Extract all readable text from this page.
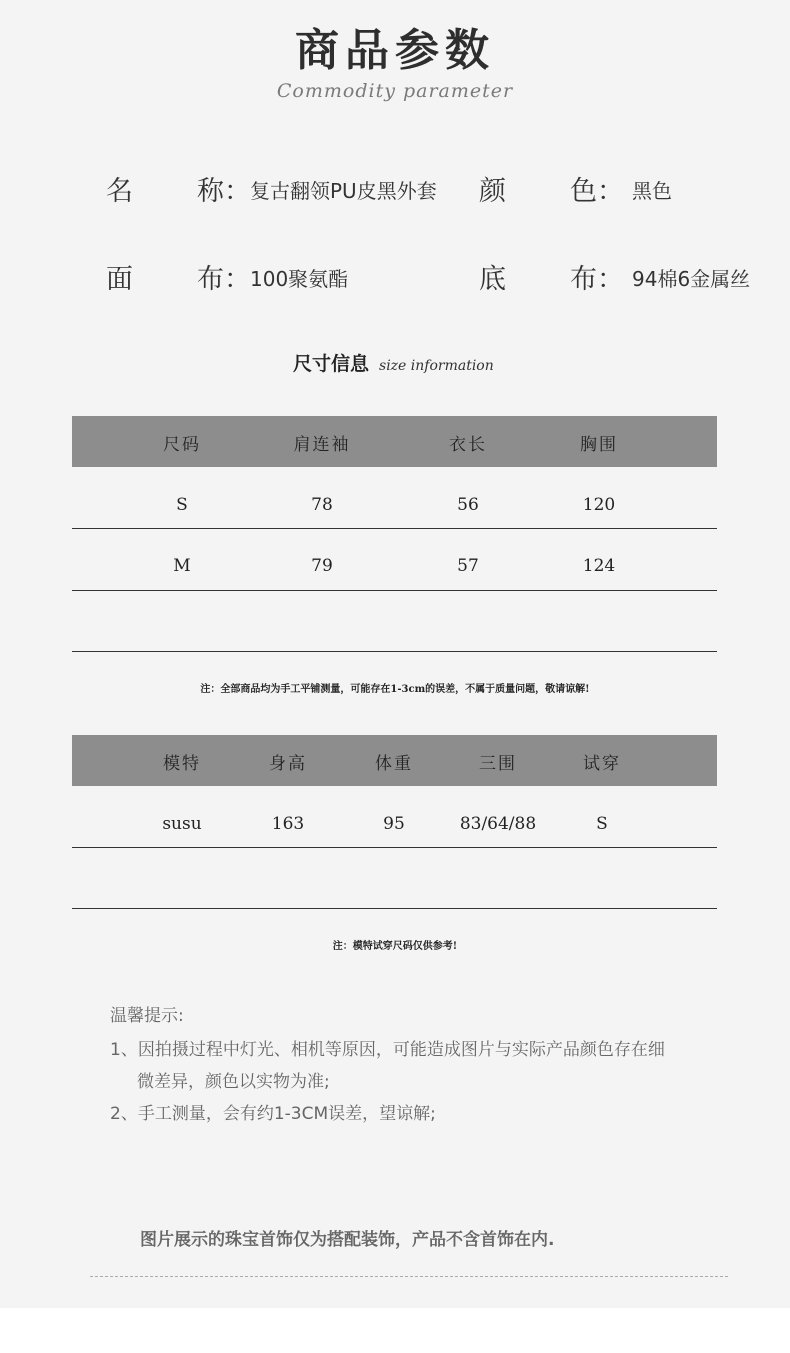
商品参数
Commodity parameter
名 称： 复古翻领PU皮黑外套 颜 色： 黑色
面 布： 100聚氨酯	底 布： 94棉6金属丝
尺寸信息 size information
尺码	肩连袖	衣长	胸围
S	78	56	120
M	79	57	124
注：全部商品均为手工平铺测量，可能存在1-3cm的误差，不属于质量问题，敬请谅解!
模特	身高	体重	三围	试穿
susu	163	95	83/64/88	S
注：模特试穿尺码仅供参考!
温馨提示:
1、因拍摄过程中灯光、相机等原因，可能造成图片与实际产品颜色存在细
微差异，颜色以实物为准;
2、手工测量，会有约1-3CM误差，望谅解;
图片展示的珠宝首饰仅为搭配装饰，产品不含首饰在内.
